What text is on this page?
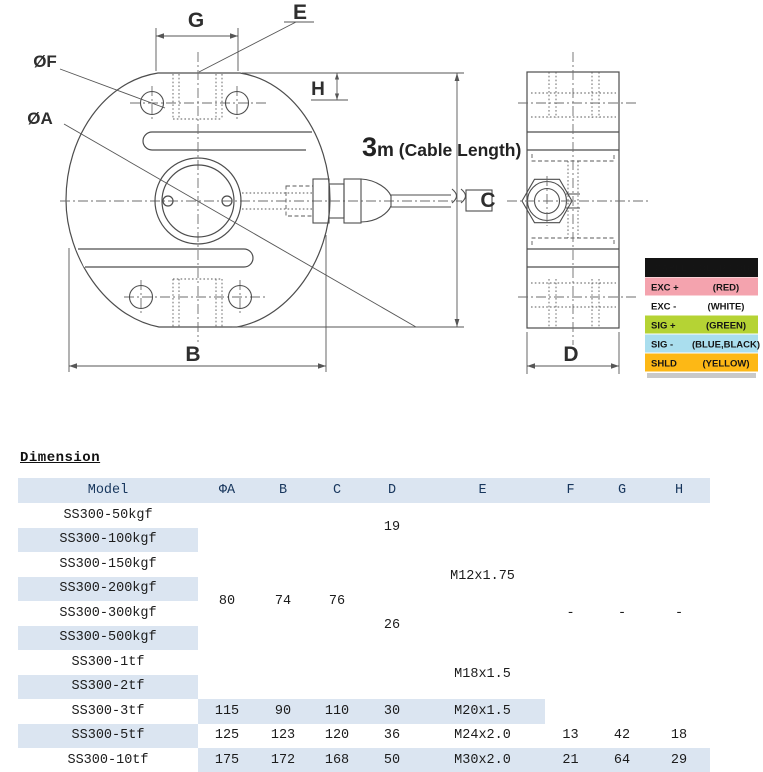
G	E
H
C
B
ØF
ØA
3m (Cable Length)
D
CABLE COLOR CODE
EXC +	(RED)
EXC -	(WHITE)
SIG +	(GREEN)
SIG - (BLUE,BLACK)
SHLD	(YELLOW)
Dimension
Model	ΦA	B	C	D	E	F	G	H
SS300-50kgf	80	74	76	19	M12x1.75	-	-	-
SS300-100kgf								
SS300-150kgf				26				
SS300-200kgf								
SS300-300kgf								
SS300-500kgf								
SS300-1tf					M18x1.5			
SS300-2tf								
SS300-3tf	115	90	110	30	M20x1.5			
SS300-5tf	125	123	120	36	M24x2.0	13	42	18
SS300-10tf	175	172	168	50	M30x2.0	21	64	29
